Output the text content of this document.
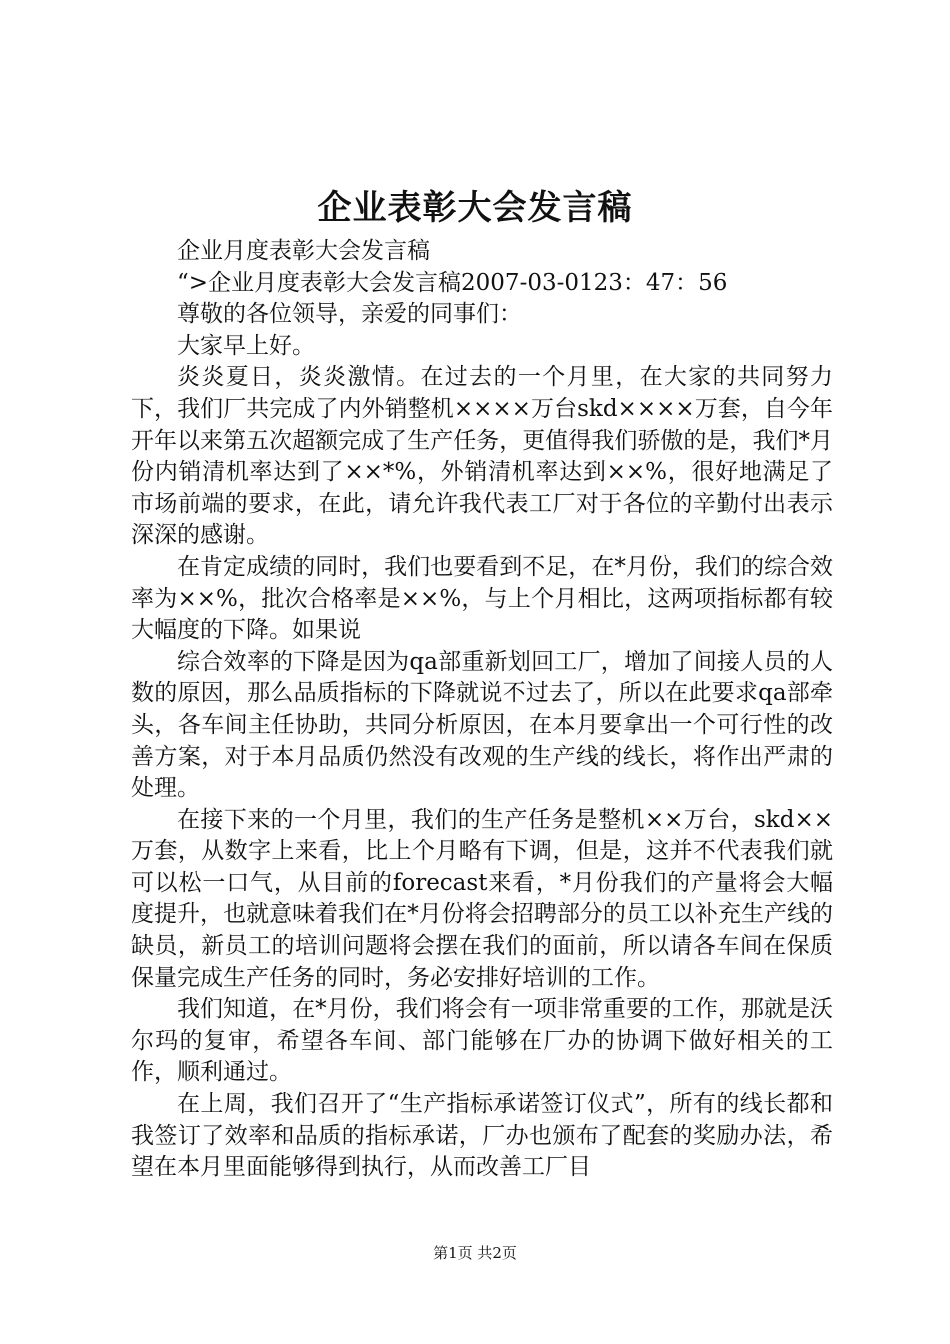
企业表彰大会发言稿

企业月度表彰大会发言稿

“>企业月度表彰大会发言稿2007-03-0123：47：56

尊敬的各位领导，亲爱的同事们：

大家早上好。

炎炎夏日，炎炎激情。在过去的一个月里，在大家的共同努力下，我们厂共完成了内外销整机××××万台skd××××万套，自今年开年以来第五次超额完成了生产任务，更值得我们骄傲的是，我们*月份内销清机率达到了××*%，外销清机率达到××%，很好地满足了市场前端的要求，在此，请允许我代表工厂对于各位的辛勤付出表示深深的感谢。

在肯定成绩的同时，我们也要看到不足，在*月份，我们的综合效率为××%，批次合格率是××%，与上个月相比，这两项指标都有较大幅度的下降。如果说

综合效率的下降是因为qa部重新划回工厂，增加了间接人员的人数的原因，那么品质指标的下降就说不过去了，所以在此要求qa部牵头，各车间主任协助，共同分析原因，在本月要拿出一个可行性的改善方案，对于本月品质仍然没有改观的生产线的线长，将作出严肃的处理。

在接下来的一个月里，我们的生产任务是整机××万台，skd××万套，从数字上来看，比上个月略有下调，但是，这并不代表我们就可以松一口气，从目前的forecast来看，*月份我们的产量将会大幅度提升，也就意味着我们在*月份将会招聘部分的员工以补充生产线的缺员，新员工的培训问题将会摆在我们的面前，所以请各车间在保质保量完成生产任务的同时，务必安排好培训的工作。

我们知道，在*月份，我们将会有一项非常重要的工作，那就是沃尔玛的复审，希望各车间、部门能够在厂办的协调下做好相关的工作，顺利通过。

在上周，我们召开了“生产指标承诺签订仪式”，所有的线长都和我签订了效率和品质的指标承诺，厂办也颁布了配套的奖励办法，希望在本月里面能够得到执行，从而改善工厂目

第1页 共2页
